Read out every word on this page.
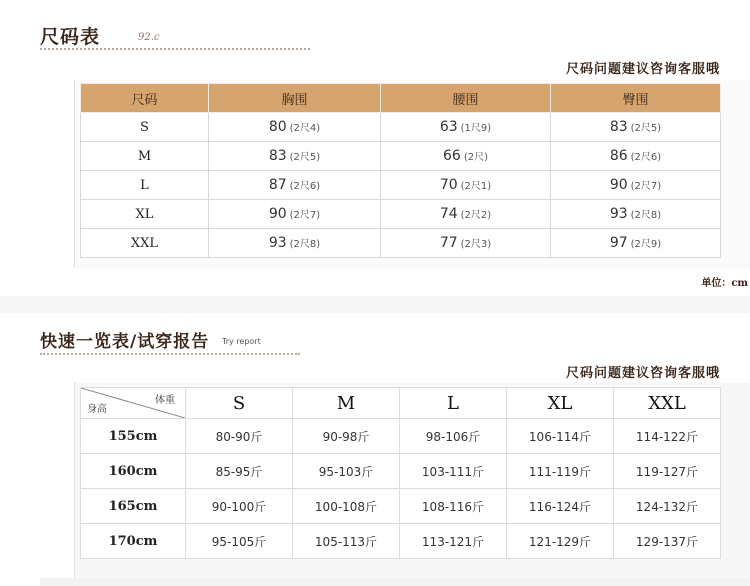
尺码表	92.c
尺码问题建议咨询客服哦
尺码	胸围	腰围	臀围
S	80 (2尺4)	63 (1尺9)	83 (2尺5)
M	83 (2尺5)	66 (2尺)	86 (2尺6)
L	87 (2尺6)	70 (2尺1)	90 (2尺7)
XL	90 (2尺7)	74 (2尺2)	93 (2尺8)
XXL	93 (2尺8)	77 (2尺3)	97 (2尺9)
单位：cm
快速一览表/试穿报告 Try report
尺码问题建议咨询客服哦
体重
身高	S	M	L	XL	XXL
155cm	80-90斤	90-98斤	98-106斤	106-114斤	114-122斤
160cm	85-95斤	95-103斤	103-111斤	111-119斤	119-127斤
165cm	90-100斤	100-108斤	108-116斤	116-124斤	124-132斤
170cm	95-105斤	105-113斤	113-121斤	121-129斤	129-137斤
